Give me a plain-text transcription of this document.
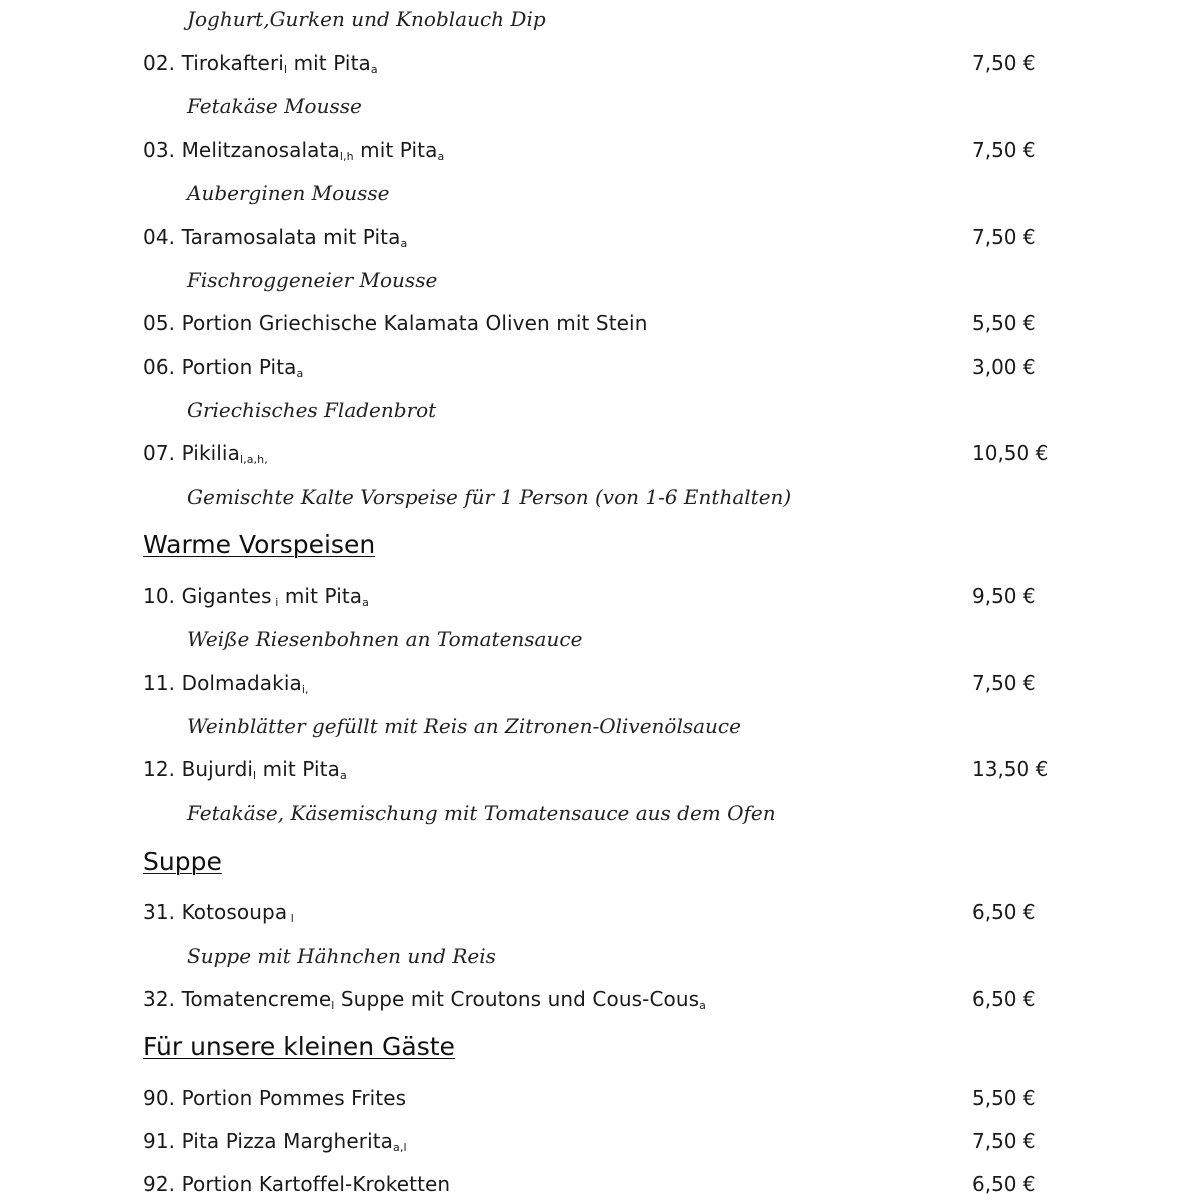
Joghurt,Gurken und Knoblauch Dip
02. Tirokafteri$_l$ mit Pita$_a$	7,50 €
Fetakäse Mousse
03. Melitzanosalata$_{l,h}$ mit Pita$_a$	7,50 €
Auberginen Mousse
04. Taramosalata mit Pita$_a$	7,50 €
Fischroggeneier Mousse
05. Portion Griechische Kalamata Oliven mit Stein	5,50 €
06. Portion Pita$_a$	3,00 €
Griechisches Fladenbrot
07. Pikilia$_{l,a,h,}$	10,50 €
Gemischte Kalte Vorspeise für 1 Person (von 1-6 Enthalten)
Warme Vorspeisen
10. Gigantes $_i$ mit Pita$_a$	9,50 €
Weiße Riesenbohnen an Tomatensauce
11. Dolmadakia$_{i,}$	7,50 €
Weinblätter gefüllt mit Reis an Zitronen-Olivenölsauce
12. Bujurdi$_l$ mit Pita$_a$	13,50 €
Fetakäse, Käsemischung mit Tomatensauce aus dem Ofen
Suppe
31. Kotosoupa $_l$	6,50 €
Suppe mit Hähnchen und Reis
32. Tomatencreme$_l$ Suppe mit Croutons und Cous-Cous$_a$	6,50 €
Für unsere kleinen Gäste
90. Portion Pommes Frites	5,50 €
91. Pita Pizza Margherita$_{a,l}$	7,50 €
92. Portion Kartoffel-Kroketten	6,50 €
